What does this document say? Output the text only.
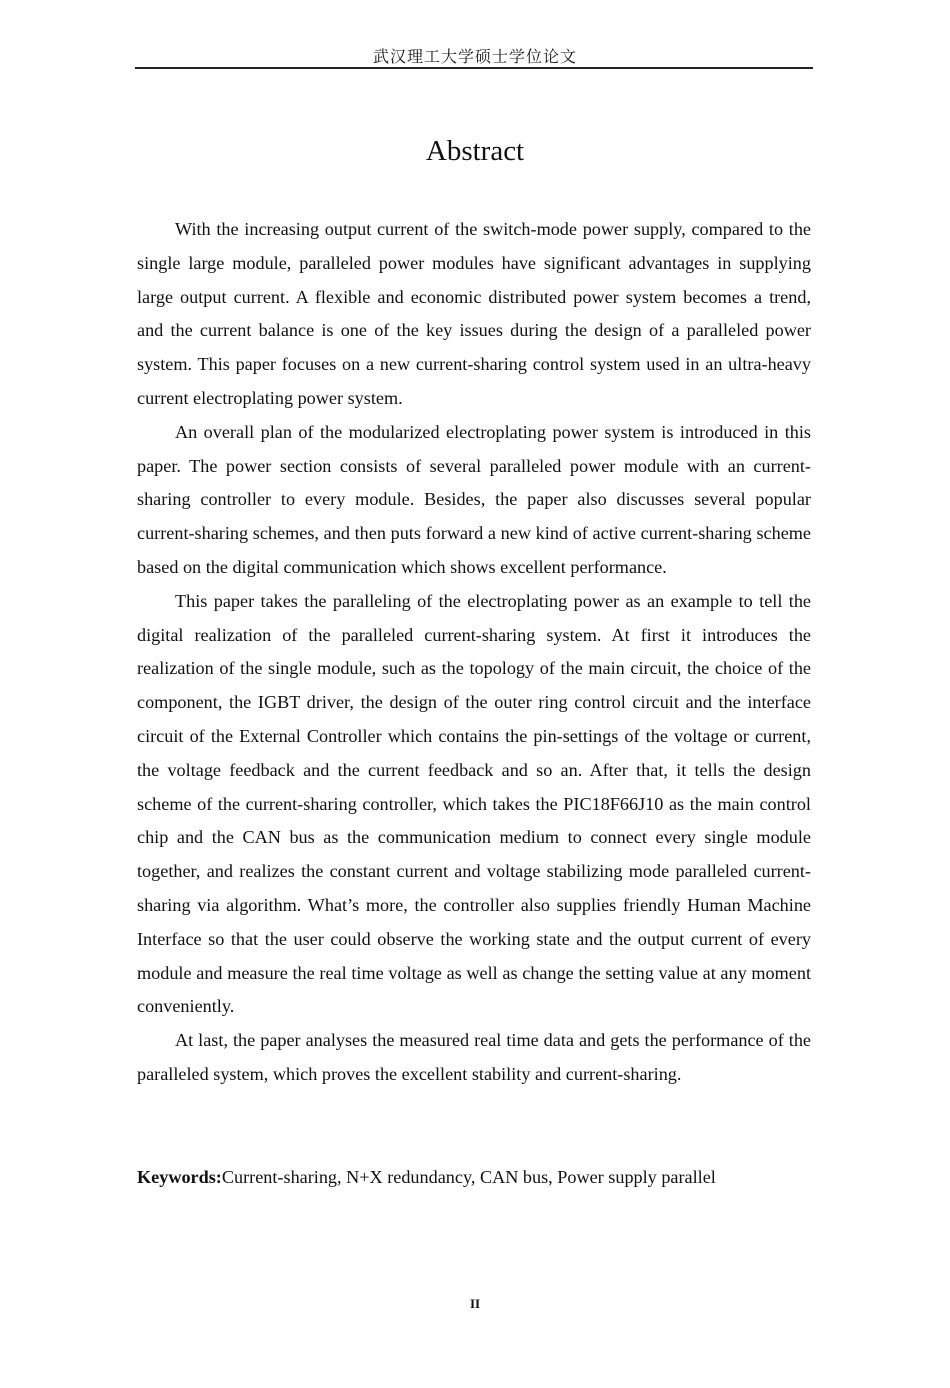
武汉理工大学硕士学位论文
Abstract

With the increasing output current of the switch-mode power supply, compared to the single large module, paralleled power modules have significant advantages in supplying large output current. A flexible and economic distributed power system becomes a trend, and the current balance is one of the key issues during the design of a paralleled power system. This paper focuses on a new current-sharing control system used in an ultra-heavy current electroplating power system.

An overall plan of the modularized electroplating power system is introduced in this paper. The power section consists of several paralleled power module with an current-sharing controller to every module. Besides, the paper also discusses several popular current-sharing schemes, and then puts forward a new kind of active current-sharing scheme based on the digital communication which shows excellent performance.

This paper takes the paralleling of the electroplating power as an example to tell the digital realization of the paralleled current-sharing system. At first it introduces the realization of the single module, such as the topology of the main circuit, the choice of the component, the IGBT driver, the design of the outer ring control circuit and the interface circuit of the External Controller which contains the pin-settings of the voltage or current, the voltage feedback and the current feedback and so an. After that, it tells the design scheme of the current-sharing controller, which takes the PIC18F66J10 as the main control chip and the CAN bus as the communication medium to connect every single module together, and realizes the constant current and voltage stabilizing mode paralleled current-sharing via algorithm. What’s more, the controller also supplies friendly Human Machine Interface so that the user could observe the working state and the output current of every module and measure the real time voltage as well as change the setting value at any moment conveniently.

At last, the paper analyses the measured real time data and gets the performance of the paralleled system, which proves the excellent stability and current-sharing.

Keywords:Current-sharing, N+X redundancy, CAN bus, Power supply parallel
II
